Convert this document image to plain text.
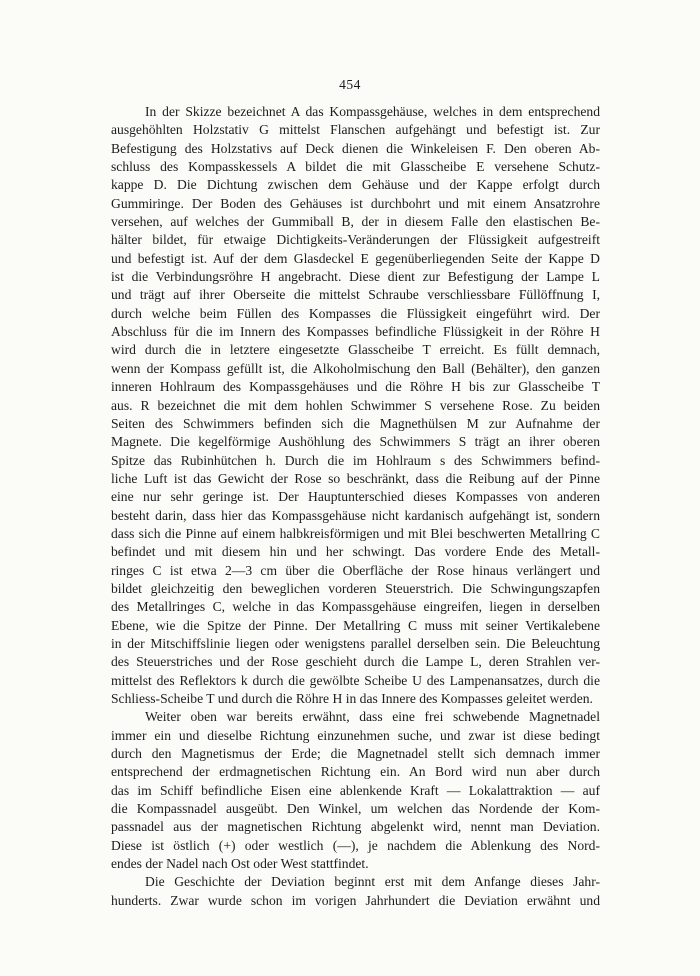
454
In der Skizze bezeichnet A das Kompassgehäuse, welches in dem entsprechend
ausgehöhlten Holzstativ G mittelst Flanschen aufgehängt und befestigt ist. Zur
Befestigung des Holzstativs auf Deck dienen die Winkeleisen F. Den oberen Ab-
schluss des Kompasskessels A bildet die mit Glasscheibe E versehene Schutz-
kappe D. Die Dichtung zwischen dem Gehäuse und der Kappe erfolgt durch
Gummiringe. Der Boden des Gehäuses ist durchbohrt und mit einem Ansatzrohre
versehen, auf welches der Gummiball B, der in diesem Falle den elastischen Be-
hälter bildet, für etwaige Dichtigkeits-Veränderungen der Flüssigkeit aufgestreift
und befestigt ist. Auf der dem Glasdeckel E gegenüberliegenden Seite der Kappe D
ist die Verbindungsröhre H angebracht. Diese dient zur Befestigung der Lampe L
und trägt auf ihrer Oberseite die mittelst Schraube verschliessbare Füllöffnung I,
durch welche beim Füllen des Kompasses die Flüssigkeit eingeführt wird. Der
Abschluss für die im Innern des Kompasses befindliche Flüssigkeit in der Röhre H
wird durch die in letztere eingesetzte Glasscheibe T erreicht. Es füllt demnach,
wenn der Kompass gefüllt ist, die Alkoholmischung den Ball (Behälter), den ganzen
inneren Hohlraum des Kompassgehäuses und die Röhre H bis zur Glasscheibe T
aus. R bezeichnet die mit dem hohlen Schwimmer S versehene Rose. Zu beiden
Seiten des Schwimmers befinden sich die Magnethülsen M zur Aufnahme der
Magnete. Die kegelförmige Aushöhlung des Schwimmers S trägt an ihrer oberen
Spitze das Rubinhütchen h. Durch die im Hohlraum s des Schwimmers befind-
liche Luft ist das Gewicht der Rose so beschränkt, dass die Reibung auf der Pinne
eine nur sehr geringe ist. Der Hauptunterschied dieses Kompasses von anderen
besteht darin, dass hier das Kompassgehäuse nicht kardanisch aufgehängt ist, sondern
dass sich die Pinne auf einem halbkreisförmigen und mit Blei beschwerten Metallring C
befindet und mit diesem hin und her schwingt. Das vordere Ende des Metall-
ringes C ist etwa 2—3 cm über die Oberfläche der Rose hinaus verlängert und
bildet gleichzeitig den beweglichen vorderen Steuerstrich. Die Schwingungszapfen
des Metallringes C, welche in das Kompassgehäuse eingreifen, liegen in derselben
Ebene, wie die Spitze der Pinne. Der Metallring C muss mit seiner Vertikalebene
in der Mitschiffslinie liegen oder wenigstens parallel derselben sein. Die Beleuchtung
des Steuerstriches und der Rose geschieht durch die Lampe L, deren Strahlen ver-
mittelst des Reflektors k durch die gewölbte Scheibe U des Lampenansatzes, durch die
Schliess-Scheibe T und durch die Röhre H in das Innere des Kompasses geleitet werden.
Weiter oben war bereits erwähnt, dass eine frei schwebende Magnetnadel
immer ein und dieselbe Richtung einzunehmen suche, und zwar ist diese bedingt
durch den Magnetismus der Erde; die Magnetnadel stellt sich demnach immer
entsprechend der erdmagnetischen Richtung ein. An Bord wird nun aber durch
das im Schiff befindliche Eisen eine ablenkende Kraft — Lokalattraktion — auf
die Kompassnadel ausgeübt. Den Winkel, um welchen das Nordende der Kom-
passnadel aus der magnetischen Richtung abgelenkt wird, nennt man Deviation.
Diese ist östlich (+) oder westlich (—), je nachdem die Ablenkung des Nord-
endes der Nadel nach Ost oder West stattfindet.
Die Geschichte der Deviation beginnt erst mit dem Anfange dieses Jahr-
hunderts. Zwar wurde schon im vorigen Jahrhundert die Deviation erwähnt und
